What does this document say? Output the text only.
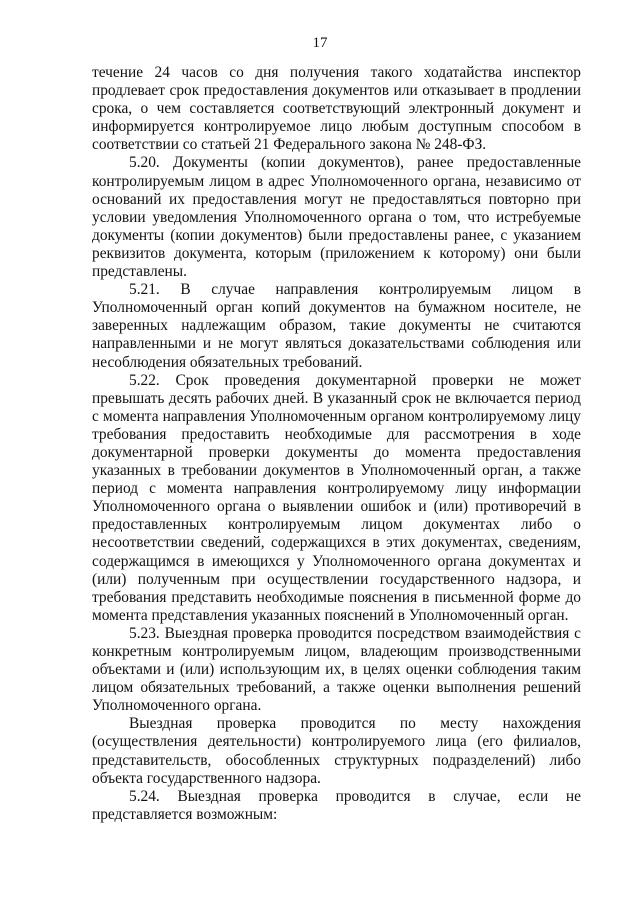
17

течение 24 часов со дня получения такого ходатайства инспектор продлевает срок предоставления документов или отказывает в продлении срока, о чем составляется соответствующий электронный документ и информируется контролируемое лицо любым доступным способом в соответствии со статьей 21 Федерального закона № 248-ФЗ.

5.20. Документы (копии документов), ранее предоставленные контролируемым лицом в адрес Уполномоченного органа, независимо от оснований их предоставления могут не предоставляться повторно при условии уведомления Уполномоченного органа о том, что истребуемые документы (копии документов) были предоставлены ранее, с указанием реквизитов документа, которым (приложением к которому) они были представлены.

5.21. В случае направления контролируемым лицом в Уполномоченный орган копий документов на бумажном носителе, не заверенных надлежащим образом, такие документы не считаются направленными и не могут являться доказательствами соблюдения или несоблюдения обязательных требований.

5.22. Срок проведения документарной проверки не может превышать десять рабочих дней. В указанный срок не включается период с момента направления Уполномоченным органом контролируемому лицу требования предоставить необходимые для рассмотрения в ходе документарной проверки документы до момента предоставления указанных в требовании документов в Уполномоченный орган, а также период с момента направления контролируемому лицу информации Уполномоченного органа о выявлении ошибок и (или) противоречий в предоставленных контролируемым лицом документах либо о несоответствии сведений, содержащихся в этих документах, сведениям, содержащимся в имеющихся у Уполномоченного органа документах и (или) полученным при осуществлении государственного надзора, и требования представить необходимые пояснения в письменной форме до момента представления указанных пояснений в Уполномоченный орган.

5.23. Выездная проверка проводится посредством взаимодействия с конкретным контролируемым лицом, владеющим производственными объектами и (или) использующим их, в целях оценки соблюдения таким лицом обязательных требований, а также оценки выполнения решений Уполномоченного органа.

Выездная проверка проводится по месту нахождения (осуществления деятельности) контролируемого лица (его филиалов, представительств, обособленных структурных подразделений) либо объекта государственного надзора.

5.24. Выездная проверка проводится в случае, если не представляется возможным:
